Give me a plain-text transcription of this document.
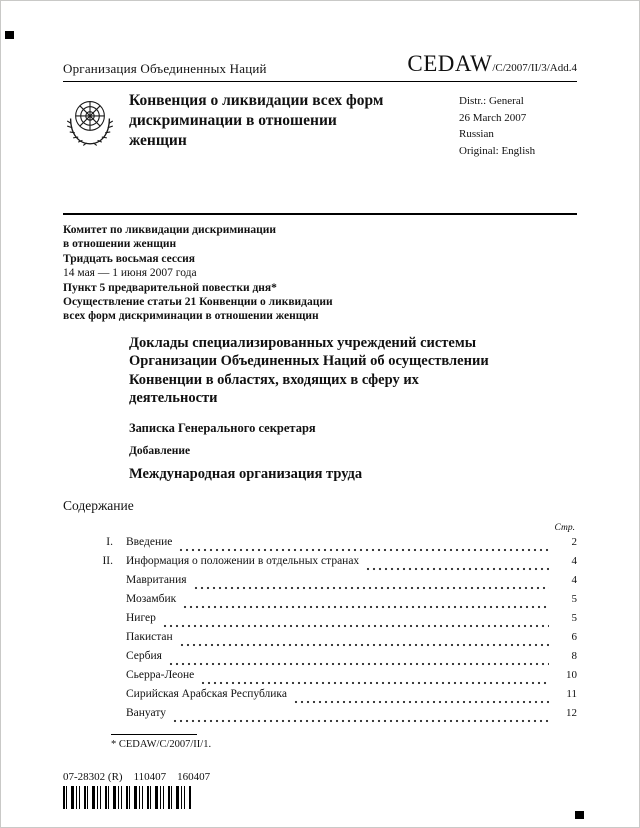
Организация Объединенных Наций	CEDAW/C/2007/II/3/Add.4
Конвенция о ликвидации всех форм дискриминации в отношении женщин
Distr.: General
26 March 2007
Russian
Original: English
Комитет по ликвидации дискриминации
в отношении женщин
Тридцать восьмая сессия
14 мая — 1 июня 2007 года
Пункт 5 предварительной повестки дня*
Осуществление статьи 21 Конвенции о ликвидации
всех форм дискриминации в отношении женщин
Доклады специализированных учреждений системы Организации Объединенных Наций об осуществлении Конвенции в областях, входящих в сферу их деятельности
Записка Генерального секретаря
Добавление
Международная организация труда
Содержание
Стр.
I. Введение	2
II. Информация о положении в отдельных странах	4
Мавритания	4
Мозамбик	5
Нигер	5
Пакистан	6
Сербия	8
Сьерра-Леоне	10
Сирийская Арабская Республика	11
Вануату	12
* CEDAW/C/2007/II/1.
07-28302 (R)    110407    160407
